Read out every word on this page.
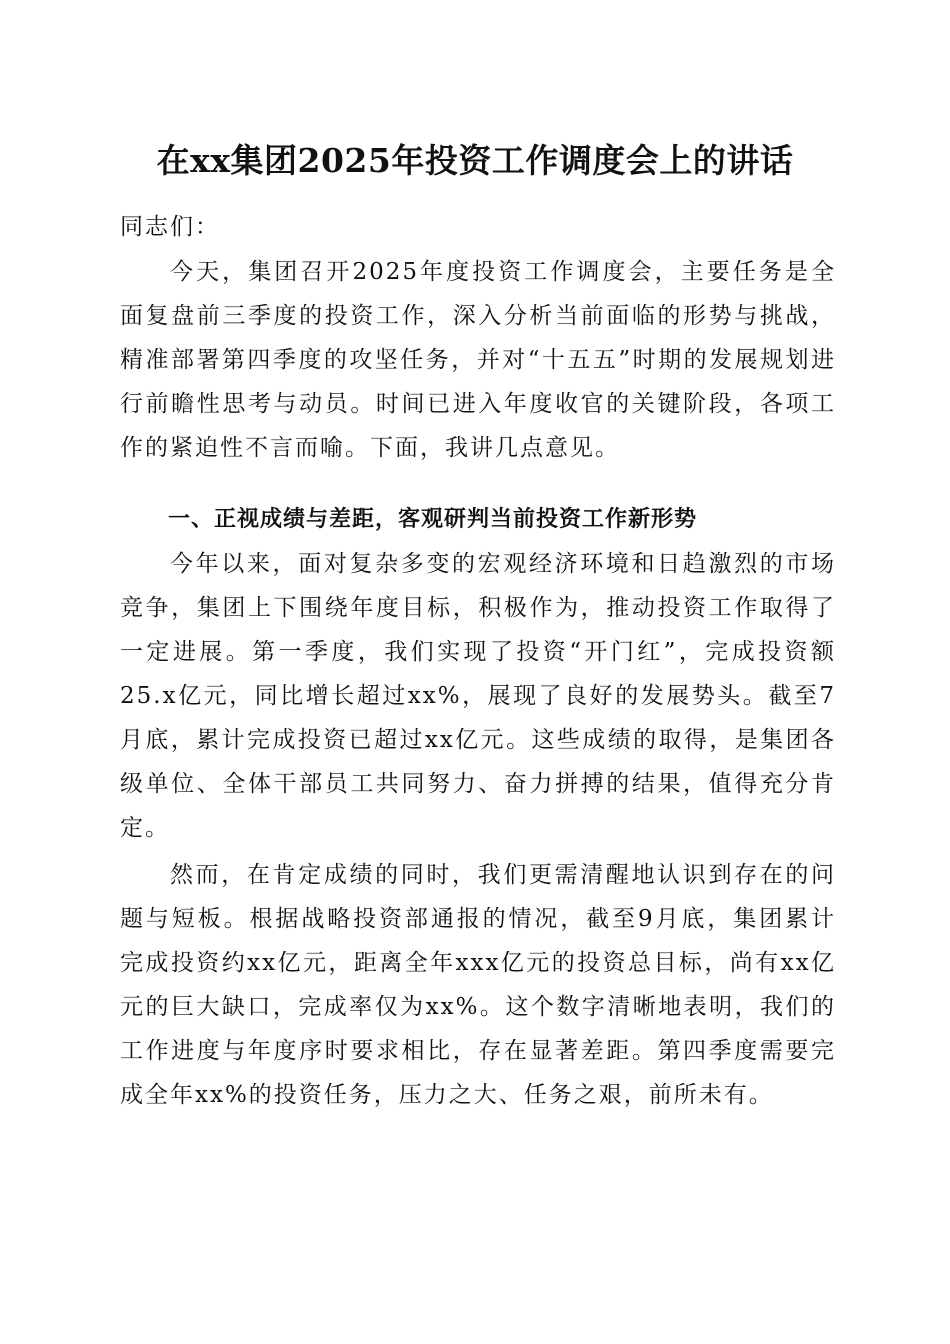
在xx集团2025年投资工作调度会上的讲话

同志们：

今天，集团召开2025年度投资工作调度会，主要任务是全面复盘前三季度的投资工作，深入分析当前面临的形势与挑战，精准部署第四季度的攻坚任务，并对“十五五”时期的发展规划进行前瞻性思考与动员。时间已进入年度收官的关键阶段，各项工作的紧迫性不言而喻。下面，我讲几点意见。

一、正视成绩与差距，客观研判当前投资工作新形势

今年以来，面对复杂多变的宏观经济环境和日趋激烈的市场竞争，集团上下围绕年度目标，积极作为，推动投资工作取得了一定进展。第一季度，我们实现了投资“开门红”，完成投资额25.x亿元，同比增长超过xx%，展现了良好的发展势头。截至7月底，累计完成投资已超过xx亿元。这些成绩的取得，是集团各级单位、全体干部员工共同努力、奋力拼搏的结果，值得充分肯定。

然而，在肯定成绩的同时，我们更需清醒地认识到存在的问题与短板。根据战略投资部通报的情况，截至9月底，集团累计完成投资约xx亿元，距离全年xxx亿元的投资总目标，尚有xx亿元的巨大缺口，完成率仅为xx%。这个数字清晰地表明，我们的工作进度与年度序时要求相比，存在显著差距。第四季度需要完成全年xx%的投资任务，压力之大、任务之艰，前所未有。
